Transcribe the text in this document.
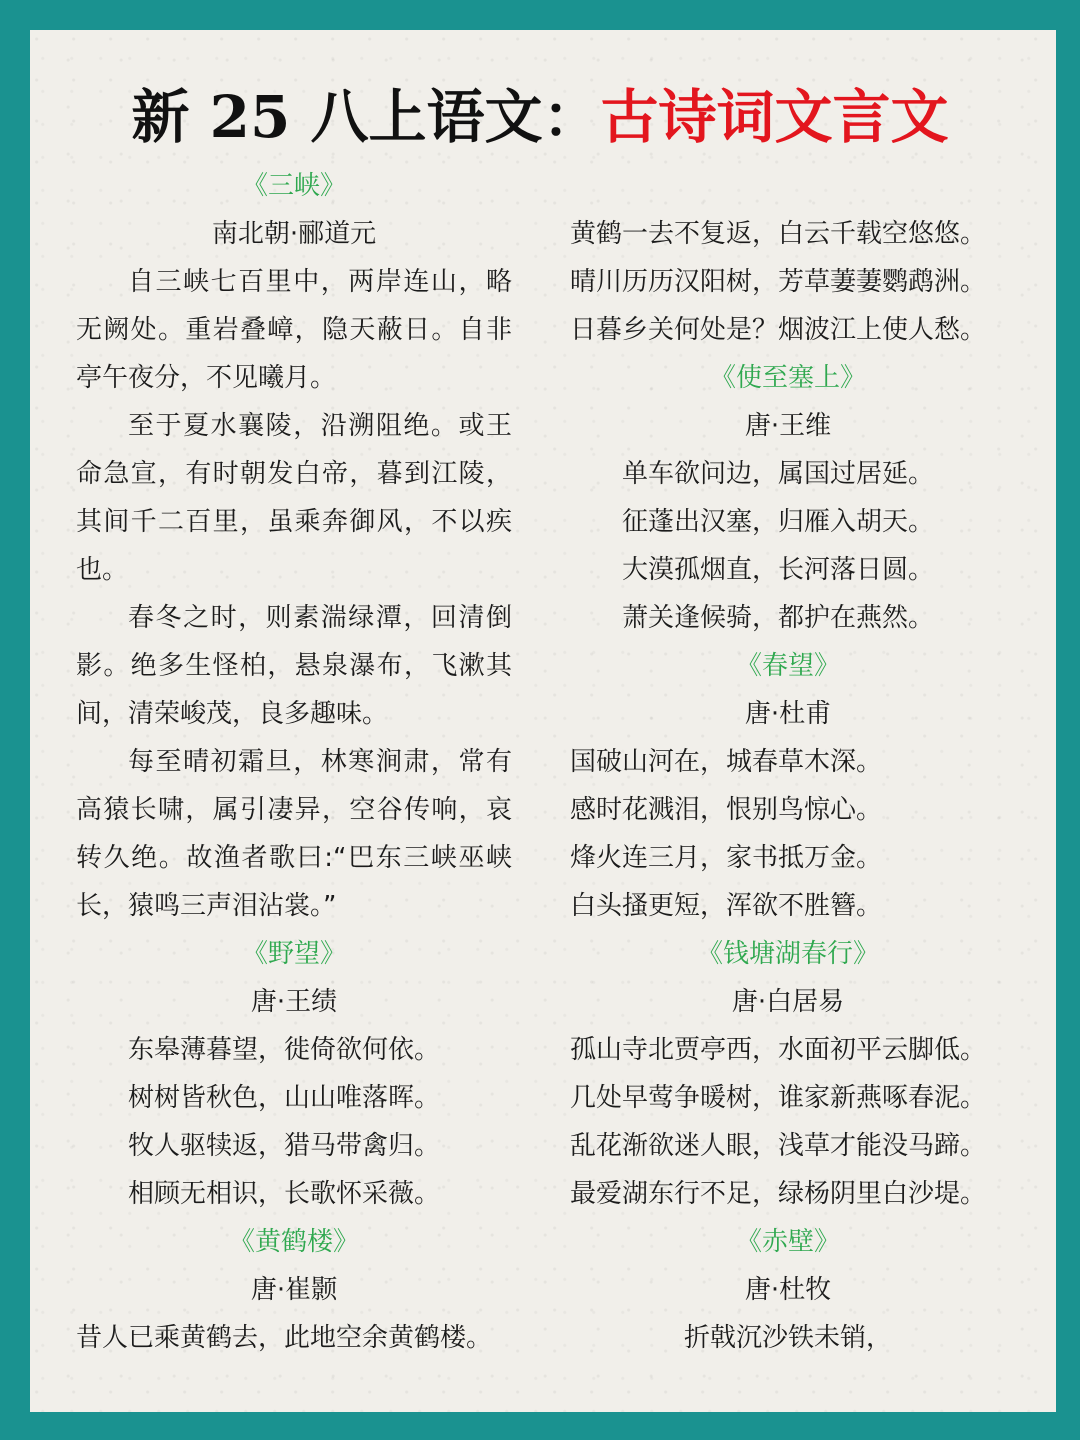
新 25 八上语文：古诗词文言文
《三峡》
南北朝·郦道元
自三峡七百里中，两岸连山，略无阙处。重岩叠嶂，隐天蔽日。自非亭午夜分，不见曦月。
至于夏水襄陵，沿溯阻绝。或王命急宣，有时朝发白帝，暮到江陵，其间千二百里，虽乘奔御风，不以疾也。
春冬之时，则素湍绿潭，回清倒影。绝多生怪柏，悬泉瀑布，飞漱其间，清荣峻茂，良多趣味。
每至晴初霜旦，林寒涧肃，常有高猿长啸，属引凄异，空谷传响，哀转久绝。故渔者歌曰:“巴东三峡巫峡长，猿鸣三声泪沾裳。”
《野望》
唐·王绩
东皋薄暮望，徙倚欲何依。
树树皆秋色，山山唯落晖。
牧人驱犊返，猎马带禽归。
相顾无相识，长歌怀采薇。
《黄鹤楼》
唐·崔颢
昔人已乘黄鹤去，此地空余黄鹤楼。
黄鹤一去不复返，白云千载空悠悠。
晴川历历汉阳树，芳草萋萋鹦鹉洲。
日暮乡关何处是？烟波江上使人愁。
《使至塞上》
唐·王维
单车欲问边，属国过居延。
征蓬出汉塞，归雁入胡天。
大漠孤烟直，长河落日圆。
萧关逢候骑，都护在燕然。
《春望》
唐·杜甫
国破山河在，城春草木深。
感时花溅泪，恨别鸟惊心。
烽火连三月，家书抵万金。
白头搔更短，浑欲不胜簪。
《钱塘湖春行》
唐·白居易
孤山寺北贾亭西，水面初平云脚低。
几处早莺争暖树，谁家新燕啄春泥。
乱花渐欲迷人眼，浅草才能没马蹄。
最爱湖东行不足，绿杨阴里白沙堤。
《赤壁》
唐·杜牧
折戟沉沙铁未销，
